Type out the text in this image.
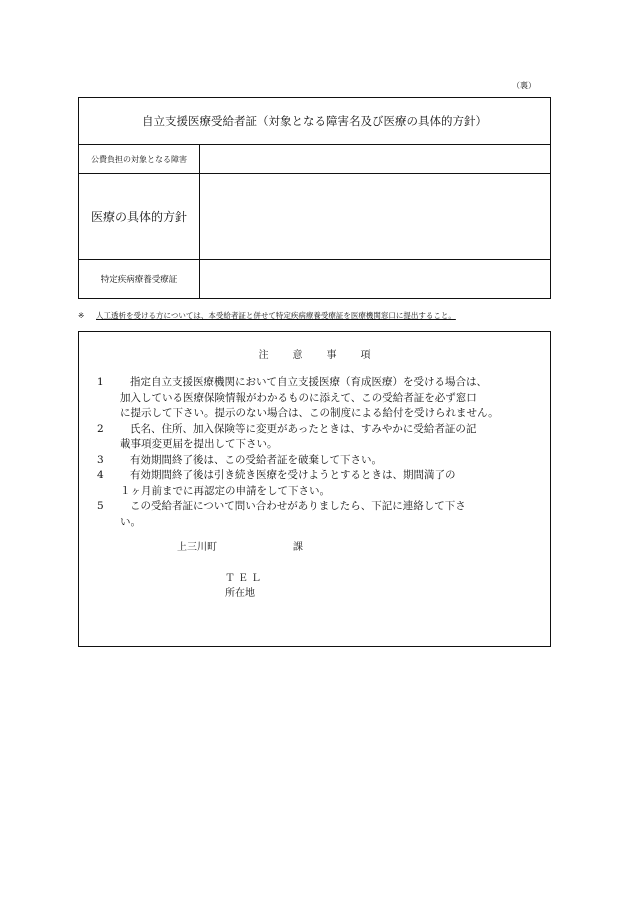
（裏）
自立支援医療受給者証（対象となる障害名及び医療の具体的方針）
公費負担の対象となる障害
医療の具体的方針
特定疾病療養受療証
※ 人工透析を受ける方については、本受給者証と併せて特定疾病療養受療証を医療機関窓口に提出すること。
注意事項
1	指定自立支援医療機関において自立支援医療（育成医療）を受ける場合は、
加入している医療保険情報がわかるものに添えて、この受給者証を必ず窓口
に提示して下さい。提示のない場合は、この制度による給付を受けられません。
2	氏名、住所、加入保険等に変更があったときは、すみやかに受給者証の記
載事項変更届を提出して下さい。
3	有効期間終了後は、この受給者証を破棄して下さい。
4	有効期間終了後は引き続き医療を受けようとするときは、期間満了の
１ヶ月前までに再認定の申請をして下さい。
5	この受給者証について問い合わせがありましたら、下記に連絡して下さ
い。
上三川町	課
ＴＥＬ
所在地
